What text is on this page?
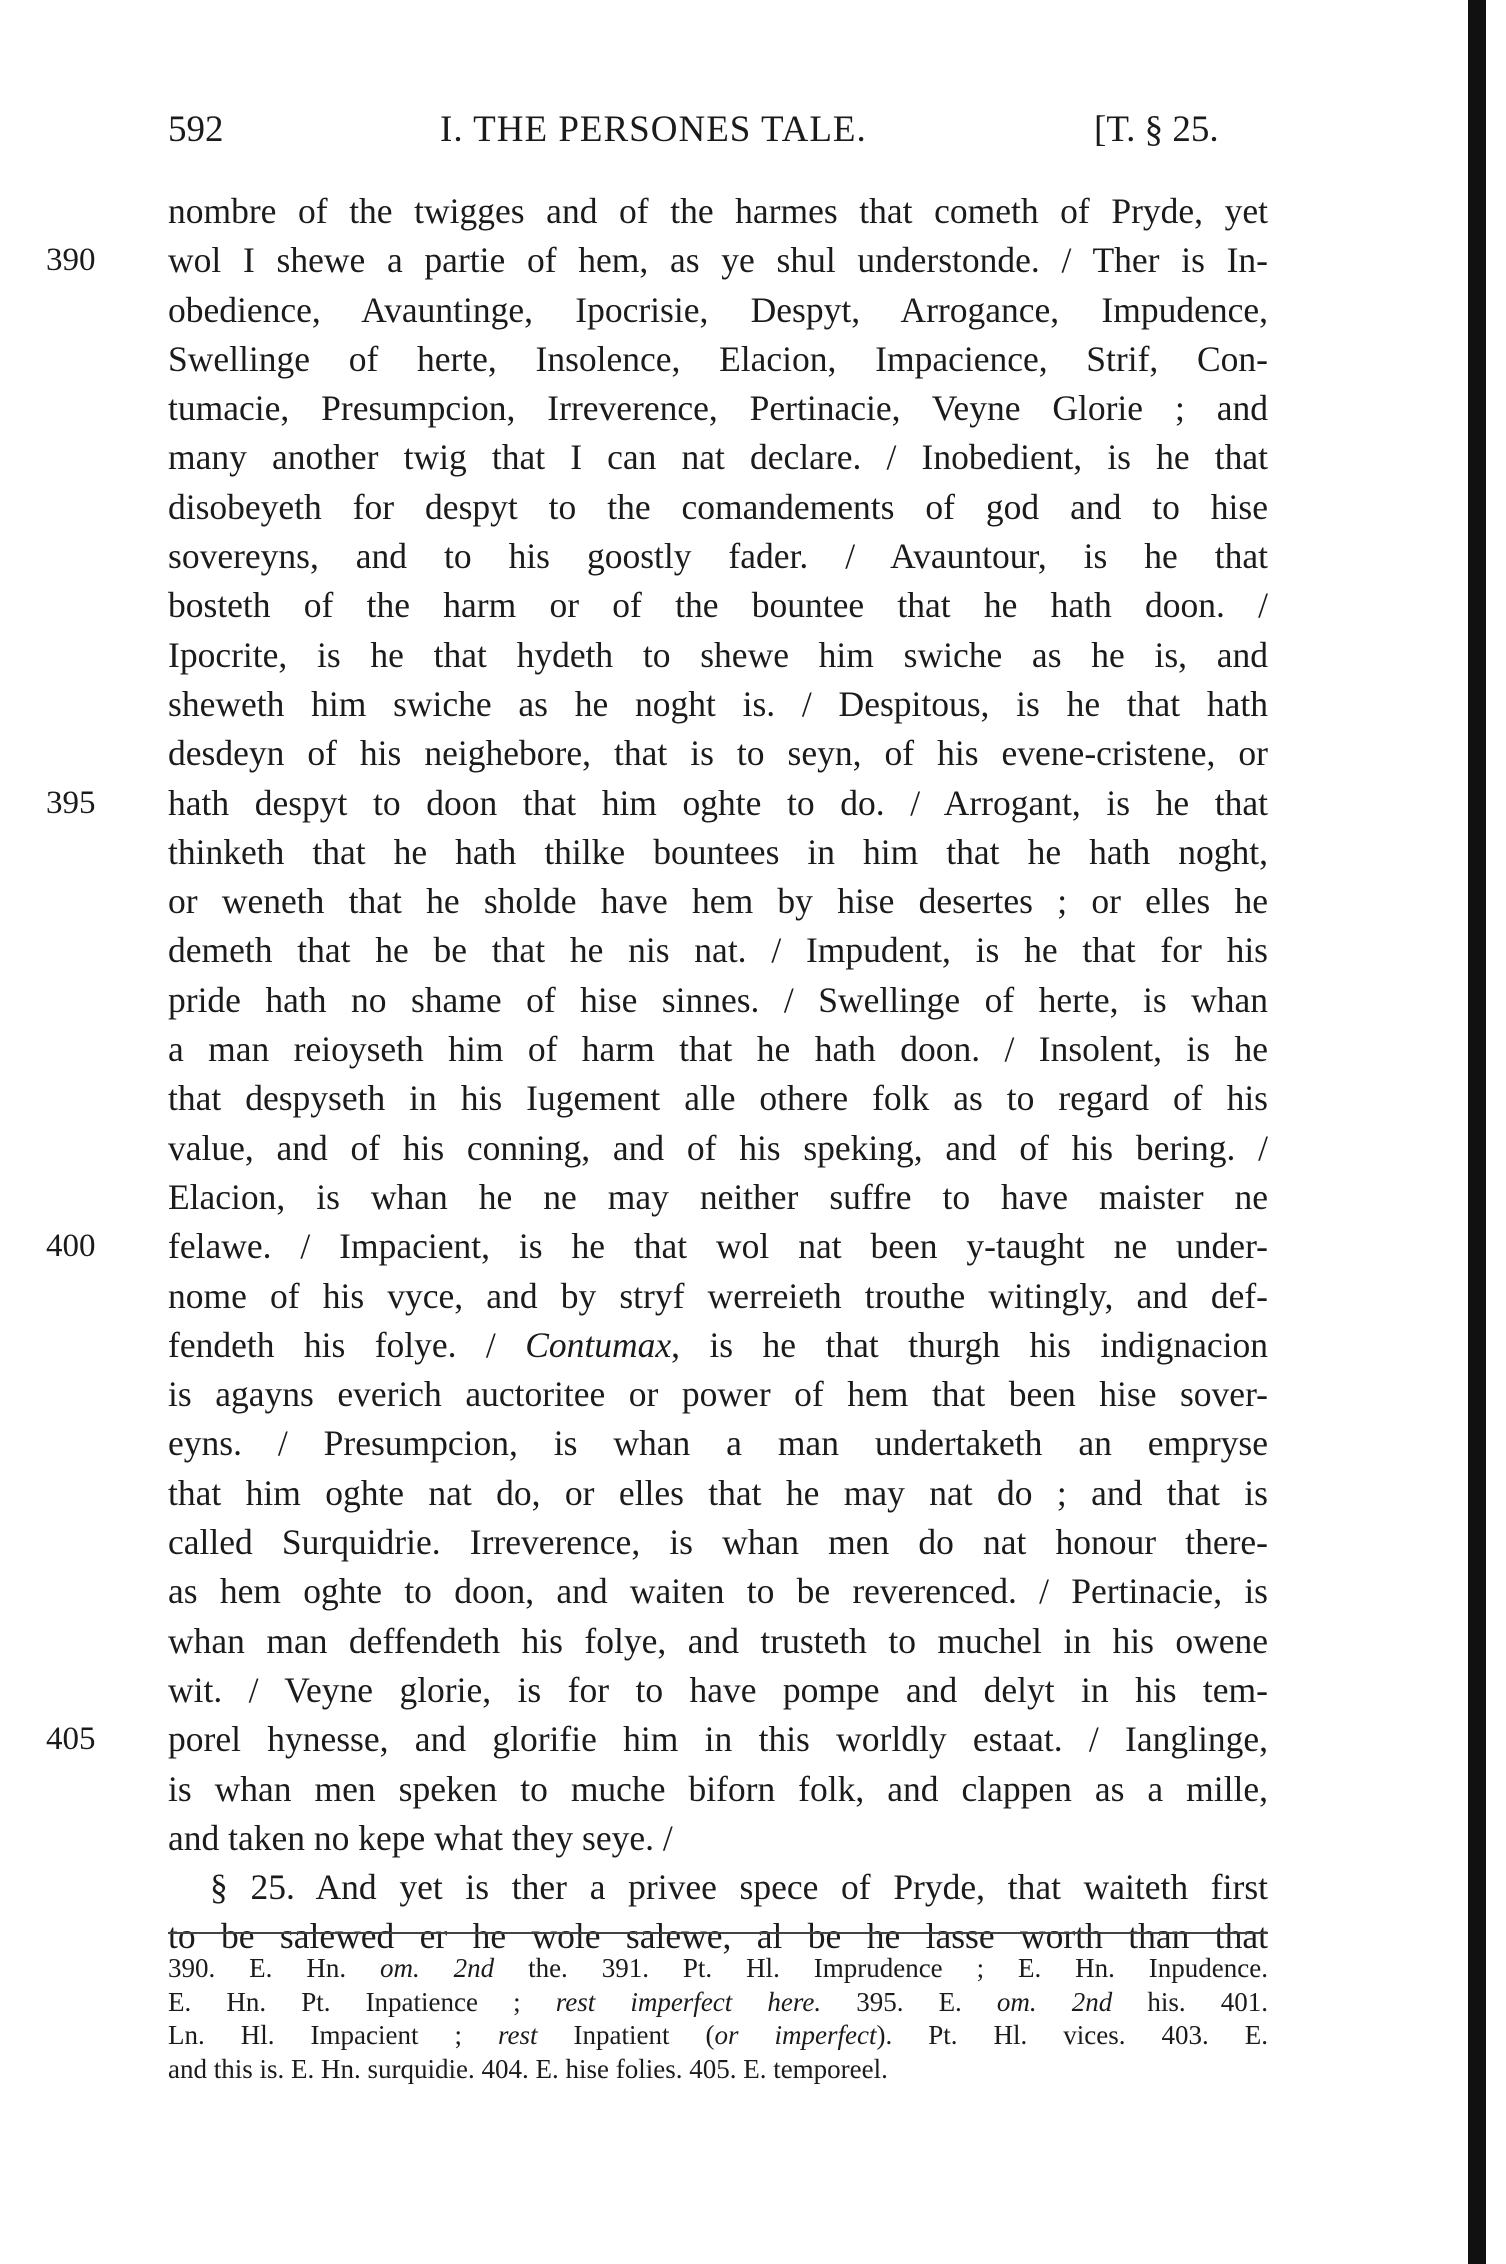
592	I. THE PERSONES TALE.	[T. § 25.
nombre of the twigges and of the harmes that cometh of Pryde, yet
390	wol I shewe a partie of hem, as ye shul understonde. / Ther is In-
obedience, Avauntinge, Ipocrisie, Despyt, Arrogance, Impudence,
Swellinge of herte, Insolence, Elacion, Impacience, Strif, Con-
tumacie, Presumpcion, Irreverence, Pertinacie, Veyne Glorie ; and
many another twig that I can nat declare. / Inobedient, is he that
disobeyeth for despyt to the comandements of god and to hise
sovereyns, and to his goostly fader. / Avauntour, is he that
bosteth of the harm or of the bountee that he hath doon. /
Ipocrite, is he that hydeth to shewe him swiche as he is, and
sheweth him swiche as he noght is. / Despitous, is he that hath
desdeyn of his neighebore, that is to seyn, of his evene-cristene, or
395	hath despyt to doon that him oghte to do. / Arrogant, is he that
thinketh that he hath thilke bountees in him that he hath noght,
or weneth that he sholde have hem by hise desertes ; or elles he
demeth that he be that he nis nat. / Impudent, is he that for his
pride hath no shame of hise sinnes. / Swellinge of herte, is whan
a man reioyseth him of harm that he hath doon. / Insolent, is he
that despyseth in his Iugement alle othere folk as to regard of his
value, and of his conning, and of his speking, and of his bering. /
Elacion, is whan he ne may neither suffre to have maister ne
400	felawe. / Impacient, is he that wol nat been y-taught ne under-
nome of his vyce, and by stryf werreieth trouthe witingly, and def-
fendeth his folye. / Contumax, is he that thurgh his indignacion
is agayns everich auctoritee or power of hem that been hise sover-
eyns. / Presumpcion, is whan a man undertaketh an empryse
that him oghte nat do, or elles that he may nat do ; and that is
called Surquidrie. Irreverence, is whan men do nat honour there-
as hem oghte to doon, and waiten to be reverenced. / Pertinacie, is
whan man deffendeth his folye, and trusteth to muchel in his owene
wit. / Veyne glorie, is for to have pompe and delyt in his tem-
405	porel hynesse, and glorifie him in this worldly estaat. / Ianglinge,
is whan men speken to muche biforn folk, and clappen as a mille,
and taken no kepe what they seye. /
§ 25. And yet is ther a privee spece of Pryde, that waiteth first
to be salewed er he wole salewe, al be he lasse worth than that
390. E. Hn. om. 2nd the. 391. Pt. Hl. Imprudence ; E. Hn. Inpudence.
E. Hn. Pt. Inpatience ; rest imperfect here. 395. E. om. 2nd his. 401.
Ln. Hl. Impacient ; rest Inpatient (or imperfect). Pt. Hl. vices. 403. E.
and this is. E. Hn. surquidie. 404. E. hise folies. 405. E. temporeel.
